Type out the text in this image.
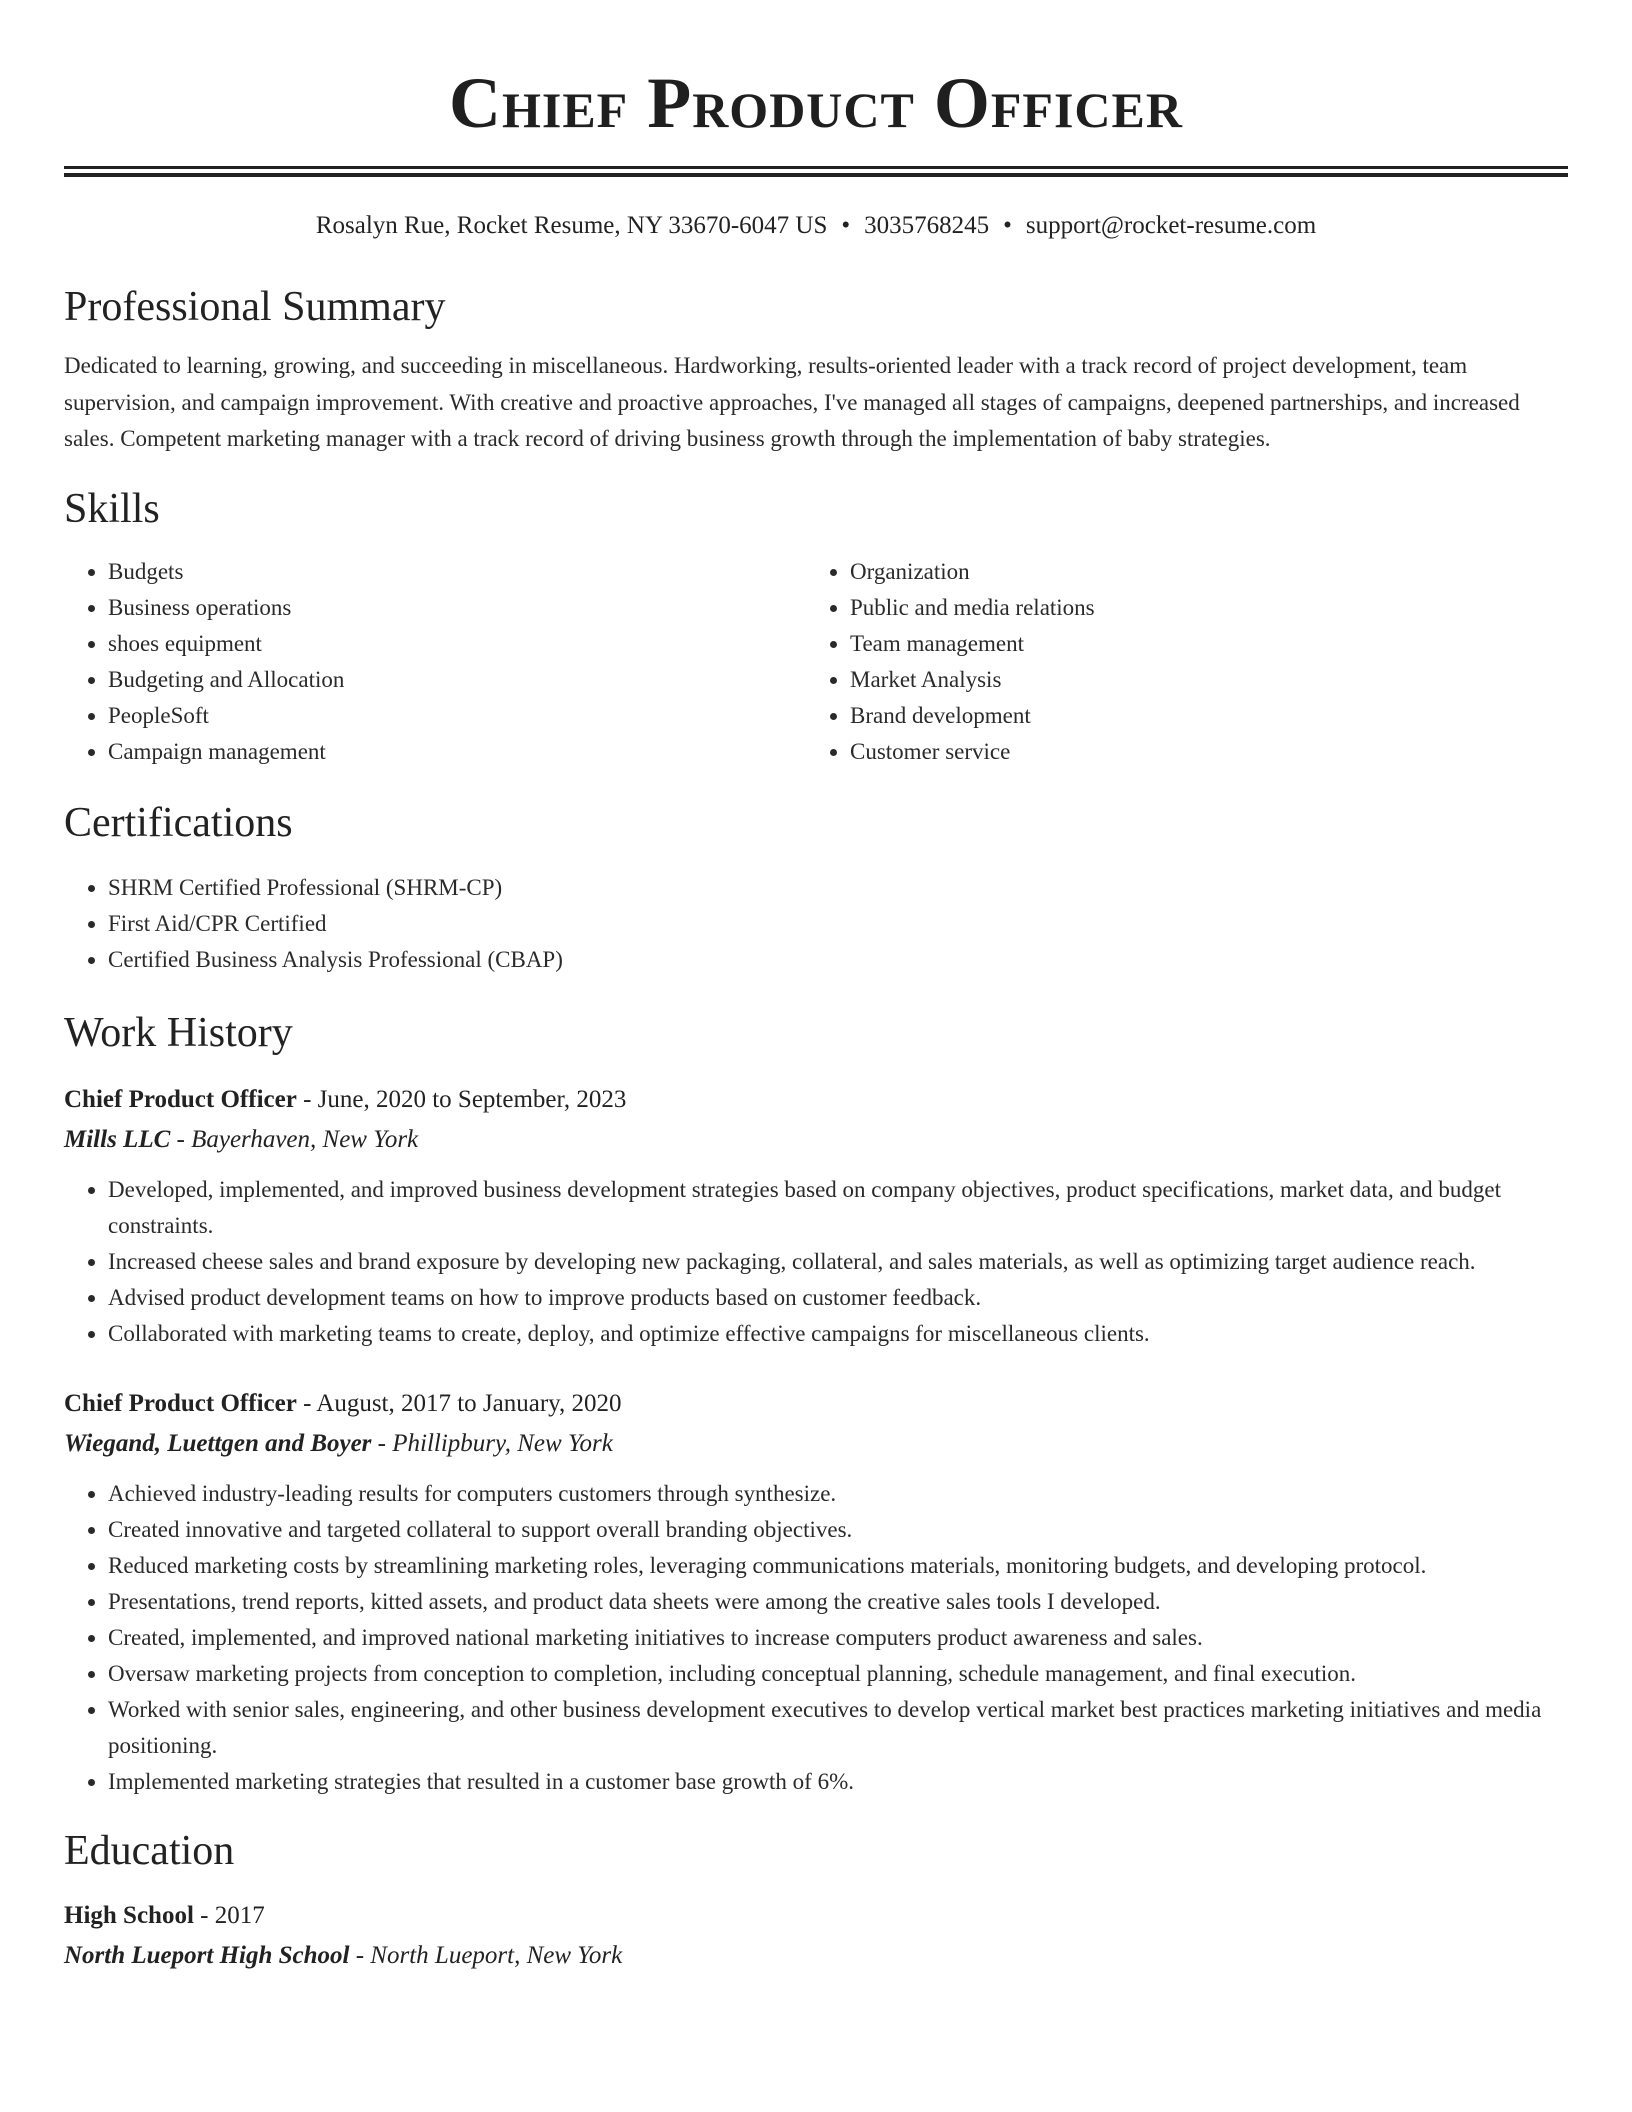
Chief Product Officer
Rosalyn Rue, Rocket Resume, NY 33670-6047 US • 3035768245 • support@rocket-resume.com
Professional Summary

Dedicated to learning, growing, and succeeding in miscellaneous. Hardworking, results-oriented leader with a track record of project development, team supervision, and campaign improvement. With creative and proactive approaches, I've managed all stages of campaigns, deepened partnerships, and increased sales. Competent marketing manager with a track record of driving business growth through the implementation of baby strategies.

Skills
• Budgets
• Business operations
• shoes equipment
• Budgeting and Allocation
• PeopleSoft
• Campaign management
• Organization
• Public and media relations
• Team management
• Market Analysis
• Brand development
• Customer service
Certifications
• SHRM Certified Professional (SHRM-CP)
• First Aid/CPR Certified
• Certified Business Analysis Professional (CBAP)
Work History
Chief Product Officer - June, 2020 to September, 2023
Mills LLC - Bayerhaven, New York
• Developed, implemented, and improved business development strategies based on company objectives, product specifications, market data, and budget constraints.
• Increased cheese sales and brand exposure by developing new packaging, collateral, and sales materials, as well as optimizing target audience reach.
• Advised product development teams on how to improve products based on customer feedback.
• Collaborated with marketing teams to create, deploy, and optimize effective campaigns for miscellaneous clients.
Chief Product Officer - August, 2017 to January, 2020
Wiegand, Luettgen and Boyer - Phillipbury, New York
• Achieved industry-leading results for computers customers through synthesize.
• Created innovative and targeted collateral to support overall branding objectives.
• Reduced marketing costs by streamlining marketing roles, leveraging communications materials, monitoring budgets, and developing protocol.
• Presentations, trend reports, kitted assets, and product data sheets were among the creative sales tools I developed.
• Created, implemented, and improved national marketing initiatives to increase computers product awareness and sales.
• Oversaw marketing projects from conception to completion, including conceptual planning, schedule management, and final execution.
• Worked with senior sales, engineering, and other business development executives to develop vertical market best practices marketing initiatives and media positioning.
• Implemented marketing strategies that resulted in a customer base growth of 6%.
Education
High School - 2017
North Lueport High School - North Lueport, New York
